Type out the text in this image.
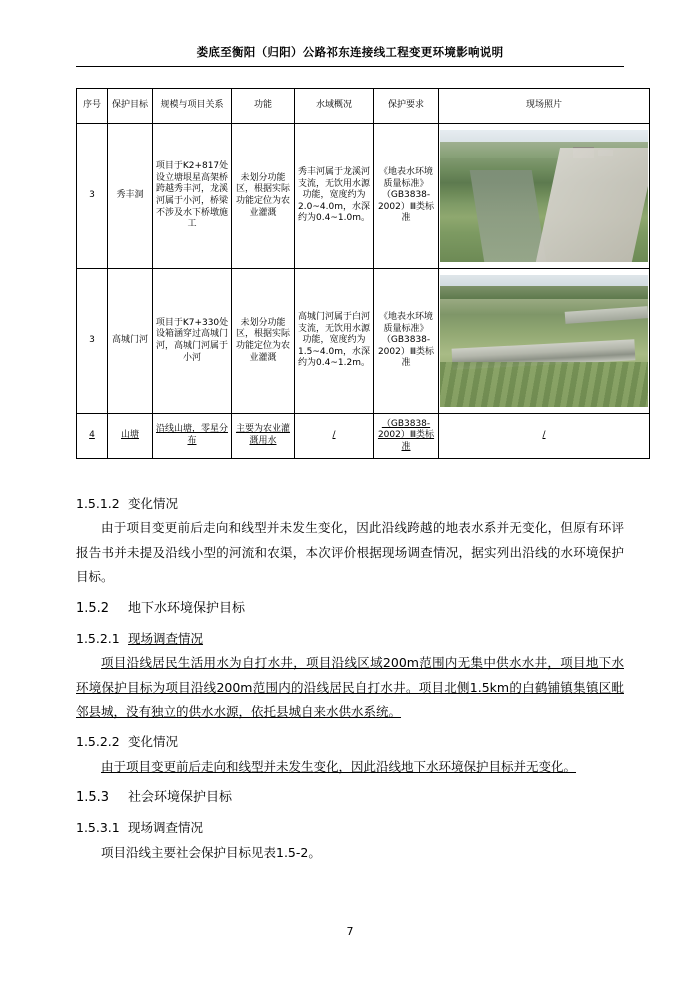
娄底至衡阳（归阳）公路祁东连接线工程变更环境影响说明
序号	保护目标	规模与项目关系	功能	水域概况	保护要求	现场照片
3	秀丰洞	项目于K2+817处设立塘垠星高架桥跨越秀丰河，龙溪河属于小河，桥梁不涉及水下桥墩施工	未划分功能区，根据实际功能定位为农业灌溉	秀丰河属于龙溪河支流，无饮用水源功能，宽度约为2.0~4.0m，水深约为0.4~1.0m。	《地表水环境质量标准》（GB3838-2002）Ⅲ类标准	

3	高城门河	项目于K7+330处设箱涵穿过高城门河，高城门河属于小河	未划分功能区，根据实际功能定位为农业灌溉	高城门河属于白河支流，无饮用水源功能，宽度约为1.5~4.0m，水深约为0.4~1.2m。	《地表水环境质量标准》（GB3838-2002）Ⅲ类标准	

4	山塘	沿线山塘，零星分布	主要为农业灌溉用水	/	（GB3838-2002）Ⅲ类标准	/
1.5.1.2 变化情况

由于项目变更前后走向和线型并未发生变化，因此沿线跨越的地表水系并无变化，但原有环评报告书并未提及沿线小型的河流和农渠，本次评价根据现场调查情况，据实列出沿线的水环境保护目标。

1.5.2 地下水环境保护目标
1.5.2.1 现场调查情况

项目沿线居民生活用水为自打水井，项目沿线区域200m范围内无集中供水水井，项目地下水环境保护目标为项目沿线200m范围内的沿线居民自打水井。项目北侧1.5km的白鹤铺镇集镇区毗邻县城，没有独立的供水水源，依托县城自来水供水系统。

1.5.2.2 变化情况

由于项目变更前后走向和线型并未发生变化，因此沿线地下水环境保护目标并无变化。

1.5.3 社会环境保护目标
1.5.3.1 现场调查情况

项目沿线主要社会保护目标见表1.5-2。

7
